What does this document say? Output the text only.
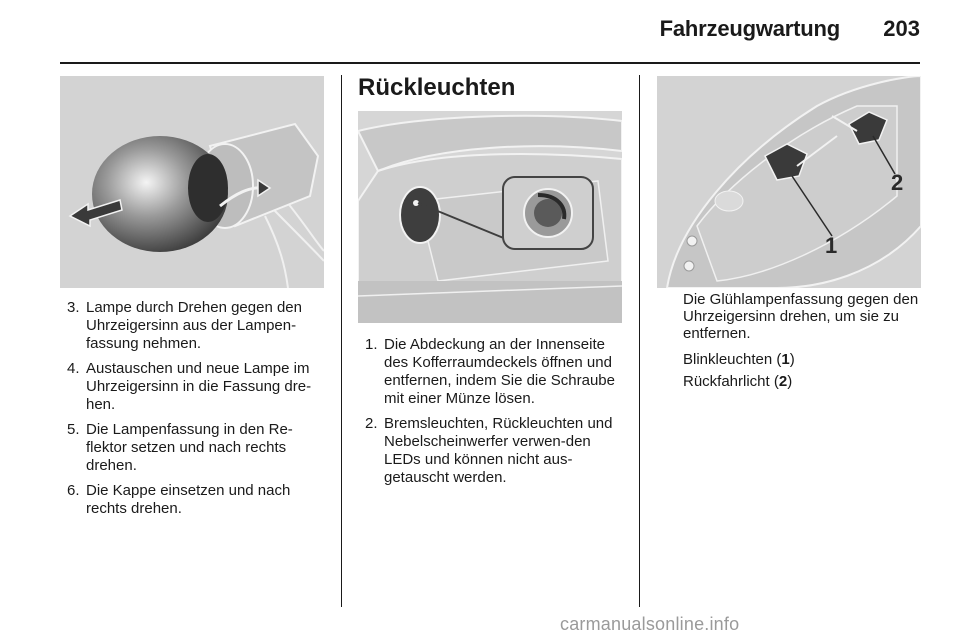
Fahrzeugwartung	203
3. Lampe durch Drehen gegen den Uhrzeigersinn aus der Lampen-fassung nehmen.
4. Austauschen und neue Lampe im Uhrzeigersinn in die Fassung dre-hen.
5. Die Lampenfassung in den Re-flektor setzen und nach rechts drehen.
6. Die Kappe einsetzen und nach rechts drehen.
Rückleuchten
1. Die Abdeckung an der Innenseite des Kofferraumdeckels öffnen und entfernen, indem Sie die Schraube mit einer Münze lösen.
2. Bremsleuchten, Rückleuchten und Nebelscheinwerfer verwen-den LEDs und können nicht aus-getauscht werden.
1
2

Die Glühlampenfassung gegen den Uhrzeigersinn drehen, um sie zu entfernen.

Blinkleuchten (1)

Rückfahrlicht (2)

carmanualsonline.info
